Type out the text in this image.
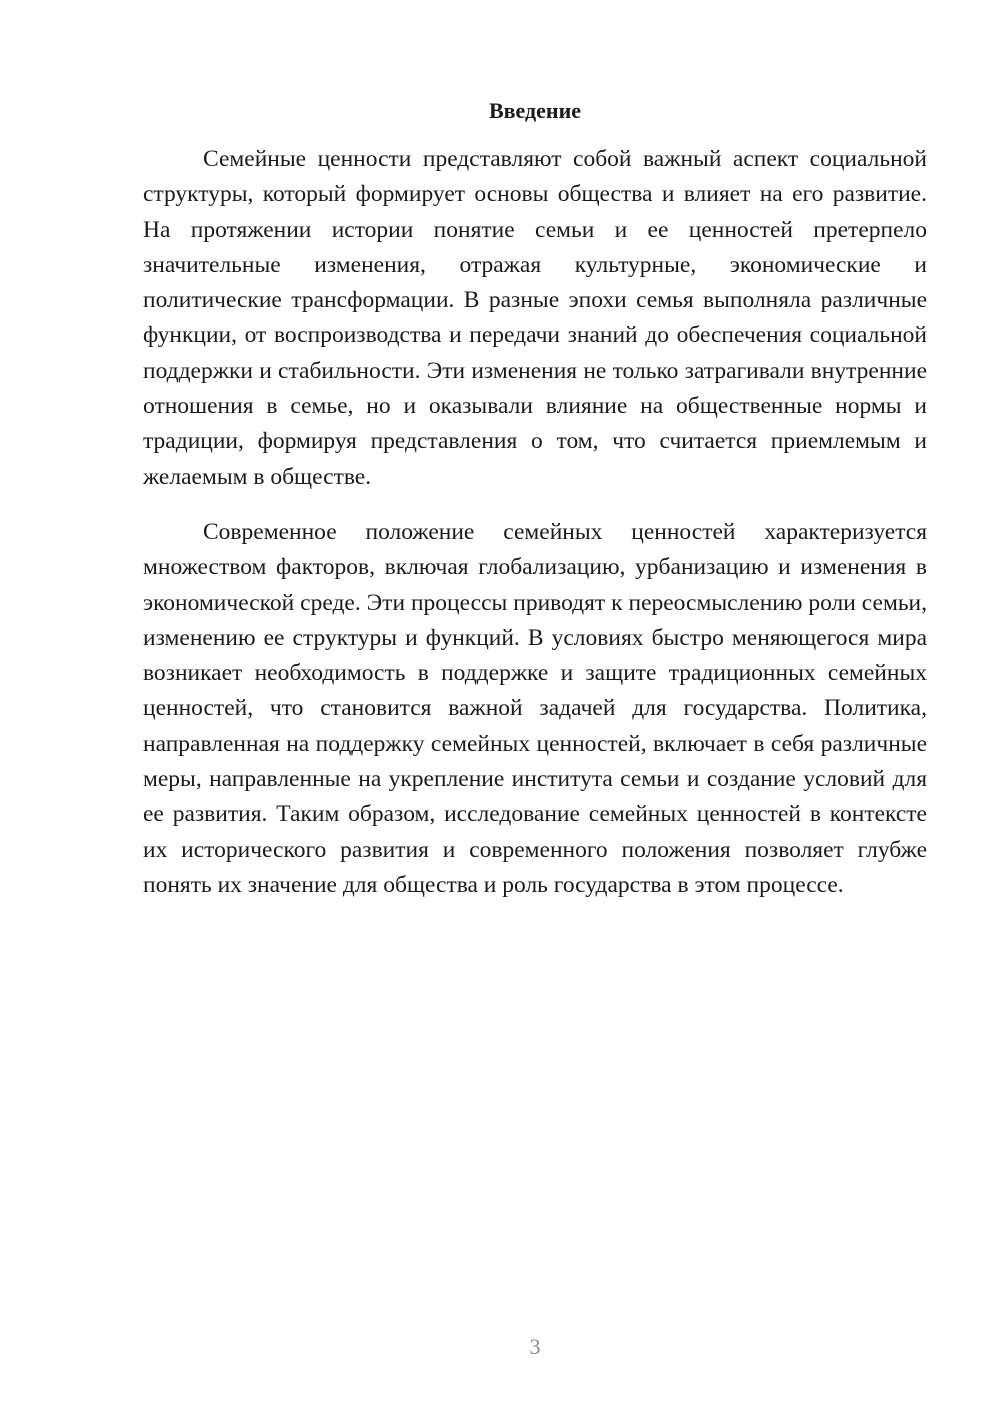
Введение

Семейные ценности представляют собой важный аспект социальной структуры, который формирует основы общества и влияет на его развитие. На протяжении истории понятие семьи и ее ценностей претерпело значительные изменения, отражая культурные, экономические и политические трансформации. В разные эпохи семья выполняла различные функции, от воспроизводства и передачи знаний до обеспечения социальной поддержки и стабильности. Эти изменения не только затрагивали внутренние отношения в семье, но и оказывали влияние на общественные нормы и традиции, формируя представления о том, что считается приемлемым и желаемым в обществе.

Современное положение семейных ценностей характеризуется множеством факторов, включая глобализацию, урбанизацию и изменения в экономической среде. Эти процессы приводят к переосмыслению роли семьи, изменению ее структуры и функций. В условиях быстро меняющегося мира возникает необходимость в поддержке и защите традиционных семейных ценностей, что становится важной задачей для государства. Политика, направленная на поддержку семейных ценностей, включает в себя различные меры, направленные на укрепление института семьи и создание условий для ее развития. Таким образом, исследование семейных ценностей в контексте их исторического развития и современного положения позволяет глубже понять их значение для общества и роль государства в этом процессе.

3
